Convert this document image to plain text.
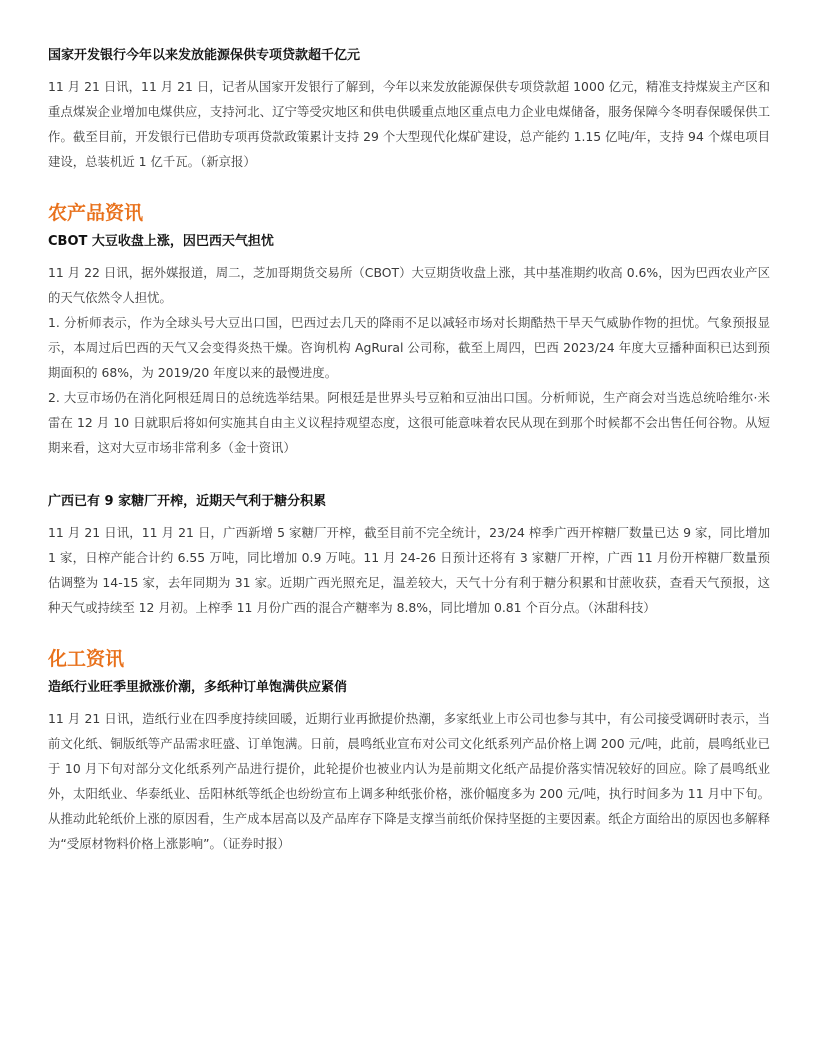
国家开发银行今年以来发放能源保供专项贷款超千亿元

11 月 21 日讯，11 月 21 日，记者从国家开发银行了解到，今年以来发放能源保供专项贷款超 1000 亿元，精准支持煤炭主产区和重点煤炭企业增加电煤供应，支持河北、辽宁等受灾地区和供电供暖重点地区重点电力企业电煤储备，服务保障今冬明春保暖保供工作。截至目前，开发银行已借助专项再贷款政策累计支持 29 个大型现代化煤矿建设，总产能约 1.15 亿吨/年，支持 94 个煤电项目建设，总装机近 1 亿千瓦。（新京报）

农产品资讯
CBOT 大豆收盘上涨，因巴西天气担忧

11 月 22 日讯，据外媒报道，周二，芝加哥期货交易所（CBOT）大豆期货收盘上涨，其中基准期约收高 0.6%，因为巴西农业产区的天气依然令人担忧。

1. 分析师表示，作为全球头号大豆出口国，巴西过去几天的降雨不足以减轻市场对长期酷热干旱天气威胁作物的担忧。气象预报显示，本周过后巴西的天气又会变得炎热干燥。咨询机构 AgRural 公司称，截至上周四，巴西 2023/24 年度大豆播种面积已达到预期面积的 68%，为 2019/20 年度以来的最慢进度。

2. 大豆市场仍在消化阿根廷周日的总统选举结果。阿根廷是世界头号豆粕和豆油出口国。分析师说，生产商会对当选总统哈维尔·米雷在 12 月 10 日就职后将如何实施其自由主义议程持观望态度，这很可能意味着农民从现在到那个时候都不会出售任何谷物。从短期来看，这对大豆市场非常利多（金十资讯）

广西已有 9 家糖厂开榨，近期天气利于糖分积累

11 月 21 日讯，11 月 21 日，广西新增 5 家糖厂开榨，截至目前不完全统计，23/24 榨季广西开榨糖厂数量已达 9 家，同比增加 1 家，日榨产能合计约 6.55 万吨，同比增加 0.9 万吨。11 月 24-26 日预计还将有 3 家糖厂开榨，广西 11 月份开榨糖厂数量预估调整为 14-15 家，去年同期为 31 家。近期广西光照充足，温差较大，天气十分有利于糖分积累和甘蔗收获，查看天气预报，这种天气或持续至 12 月初。上榨季 11 月份广西的混合产糖率为 8.8%，同比增加 0.81 个百分点。（沐甜科技）

化工资讯
造纸行业旺季里掀涨价潮，多纸种订单饱满供应紧俏

11 月 21 日讯，造纸行业在四季度持续回暖，近期行业再掀提价热潮，多家纸业上市公司也参与其中，有公司接受调研时表示，当前文化纸、铜版纸等产品需求旺盛、订单饱满。日前，晨鸣纸业宣布对公司文化纸系列产品价格上调 200 元/吨，此前，晨鸣纸业已于 10 月下旬对部分文化纸系列产品进行提价，此轮提价也被业内认为是前期文化纸产品提价落实情况较好的回应。除了晨鸣纸业外，太阳纸业、华泰纸业、岳阳林纸等纸企也纷纷宣布上调多种纸张价格，涨价幅度多为 200 元/吨，执行时间多为 11 月中下旬。从推动此轮纸价上涨的原因看，生产成本居高以及产品库存下降是支撑当前纸价保持坚挺的主要因素。纸企方面给出的原因也多解释为“受原材物料价格上涨影响”。（证券时报）
